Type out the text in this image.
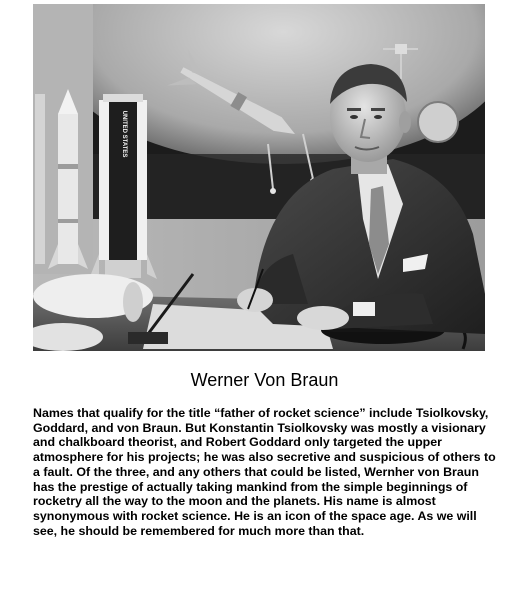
UNITED STATES
Werner Von Braun

Names that qualify for the title “father of rocket science” include Tsiolkovsky, Goddard, and von Braun. But Konstantin Tsiolkovsky was mostly a visionary and chalkboard theorist, and Robert Goddard only targeted the upper atmosphere for his projects; he was also secretive and suspicious of others to a fault. Of the three, and any others that could be listed, Wernher von Braun has the prestige of actually taking mankind from the simple beginnings of rocketry all the way to the moon and the planets. His name is almost synonymous with rocket science. He is an icon of the space age. As we will see, he should be remembered for much more than that.
